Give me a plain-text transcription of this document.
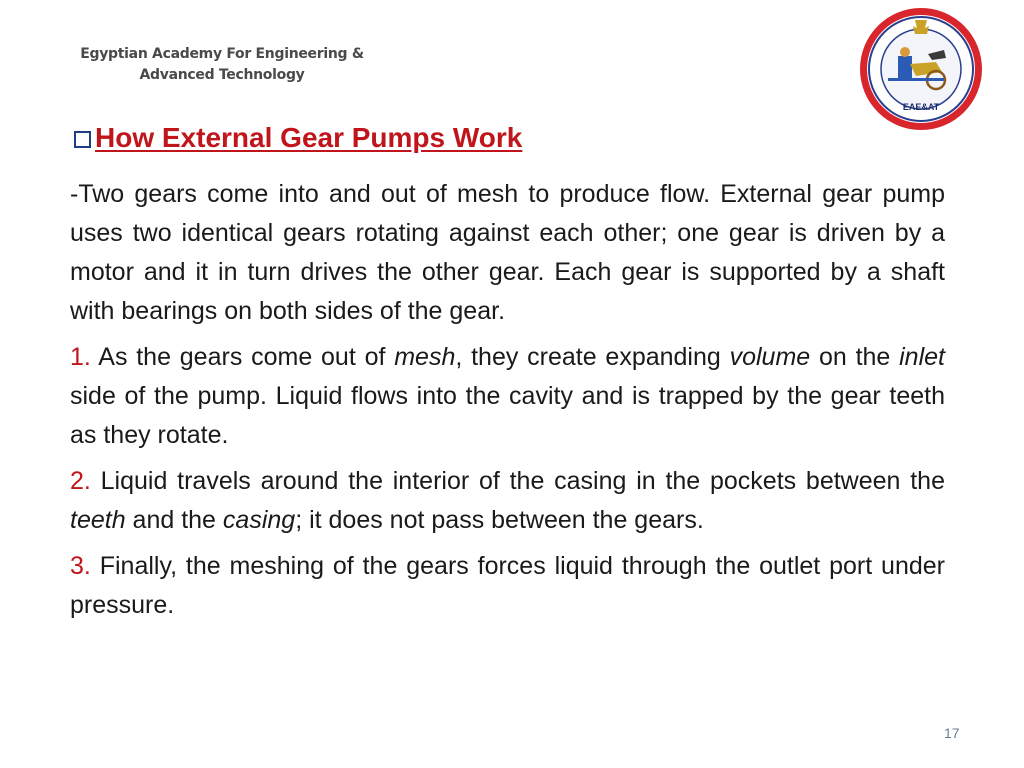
Egyptian Academy For Engineering &
Advanced Technology
EAE&AT
How External Gear Pumps Work

-Two gears come into and out of mesh to produce flow. External gear pump uses two identical gears rotating against each other; one gear is driven by a motor and it in turn drives the other gear. Each gear is supported by a shaft with bearings on both sides of the gear.

1. As the gears come out of mesh, they create expanding volume on the inlet side of the pump. Liquid flows into the cavity and is trapped by the gear teeth as they rotate.

2. Liquid travels around the interior of the casing in the pockets between the teeth and the casing; it does not pass between the gears.

3. Finally, the meshing of the gears forces liquid through the outlet port under pressure.

17
